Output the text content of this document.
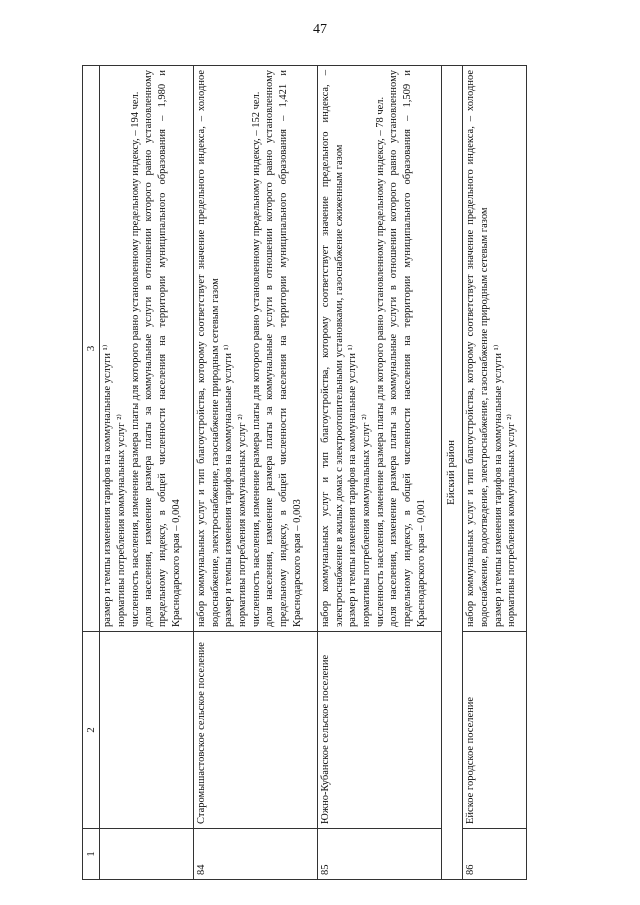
47
1	2	3

		размер и темпы изменения тарифов на коммунальные услуги ¹⁾ нормативы потребления коммунальных услуг ²⁾ численность населения, изменение размера платы для которого равно установленному предельному индексу, – 194 чел. доля населения, изменение размера платы за коммунальные услуги в отношении которого равно установленному предельному индексу, в общей численности населения на территории муниципального образования – 1,980 и Краснодарского края – 0,004

84	Старомышастовское сельское поселение	набор коммунальных услуг и тип благоустройства, которому соответствует значение предельного индекса, – холодное водоснабжение, электроснабжение, газоснабжение природным сетевым газом размер и темпы изменения тарифов на коммунальные услуги ¹⁾ нормативы потребления коммунальных услуг ²⁾ численность населения, изменение размера платы для которого равно установленному предельному индексу, – 152 чел. доля населения, изменение размера платы за коммунальные услуги в отношении которого равно установленному предельному индексу, в общей численности населения на территории муниципального образования – 1,421 и Краснодарского края – 0,003

85	Южно-Кубанское сельское поселение	набор коммунальных услуг и тип благоустройства, которому соответствует значение предельного индекса, – электроснабжение в жилых домах с электроотопительными установками, газоснабжение сжиженным газом размер и темпы изменения тарифов на коммунальные услуги ¹⁾ нормативы потребления коммунальных услуг ²⁾ численность населения, изменение размера платы для которого равно установленному предельному индексу, – 78 чел. доля населения, изменение размера платы за коммунальные услуги в отношении которого равно установленному предельному индексу, в общей численности населения на территории муниципального образования – 1,509 и Краснодарского края – 0,001

Ейский район		
86	Ейское городское поселение	набор коммунальных услуг и тип благоустройства, которому соответствует значение предельного индекса, – холодное водоснабжение, водоотведение, электроснабжение, газоснабжение природным сетевым газом размер и темпы изменения тарифов на коммунальные услуги ¹⁾ нормативы потребления коммунальных услуг ²⁾
